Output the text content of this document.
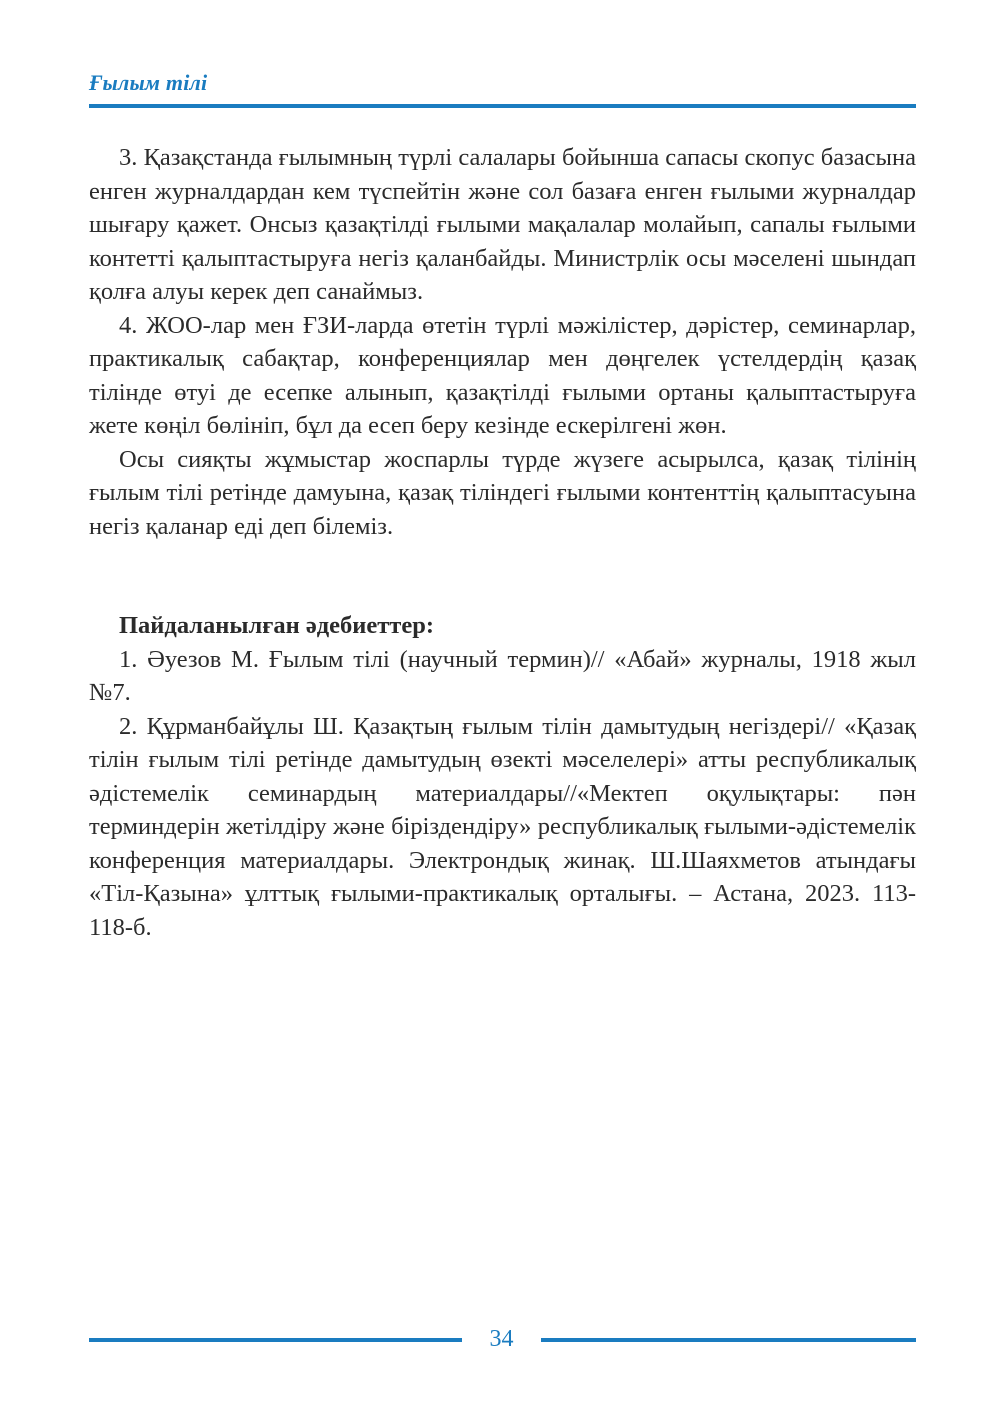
Ғылым тілі

3. Қазақстанда ғылымның түрлі салалары бойынша сапасы скопус базасына енген журналдардан кем түспейтін және сол базаға енген ғылыми журналдар шығару қажет. Онсыз қазақтілді ғылыми мақалалар молайып, сапалы ғылыми контетті қалыптастыруға негіз қаланбайды. Министрлік осы мәселені шындап қолға алуы керек деп санаймыз.

4. ЖОО-лар мен ҒЗИ-ларда өтетін түрлі мәжілістер, дәрістер, семинарлар, практикалық сабақтар, конференциялар мен дөңгелек үстелдердің қазақ тілінде өтуі де есепке алынып, қазақтілді ғылыми ортаны қалыптастыруға жете көңіл бөлініп, бұл да есеп беру кезінде ескерілгені жөн.

Осы сияқты жұмыстар жоспарлы түрде жүзеге асырылса, қазақ тілінің ғылым тілі ретінде дамуына, қазақ тіліндегі ғылыми контенттің қалыптасуына негіз қаланар еді деп білеміз.

Пайдаланылған әдебиеттер:

1. Әуезов М. Ғылым тілі (научный термин)// «Абай» журналы, 1918 жыл №7.

2. Құрманбайұлы Ш. Қазақтың ғылым тілін дамытудың негіздері// «Қазақ тілін ғылым тілі ретінде дамытудың өзекті мәселелері» атты республикалық әдістемелік семинардың материалдары//«Мектеп оқулықтары: пән терминдерін жетілдіру және біріздендіру» республикалық ғылыми-әдістемелік конференция материалдары. Электрондық жинақ. Ш.Шаяхметов атындағы «Тіл-Қазына» ұлттық ғылыми-практикалық орталығы. – Астана, 2023. 113-118-б.

34
